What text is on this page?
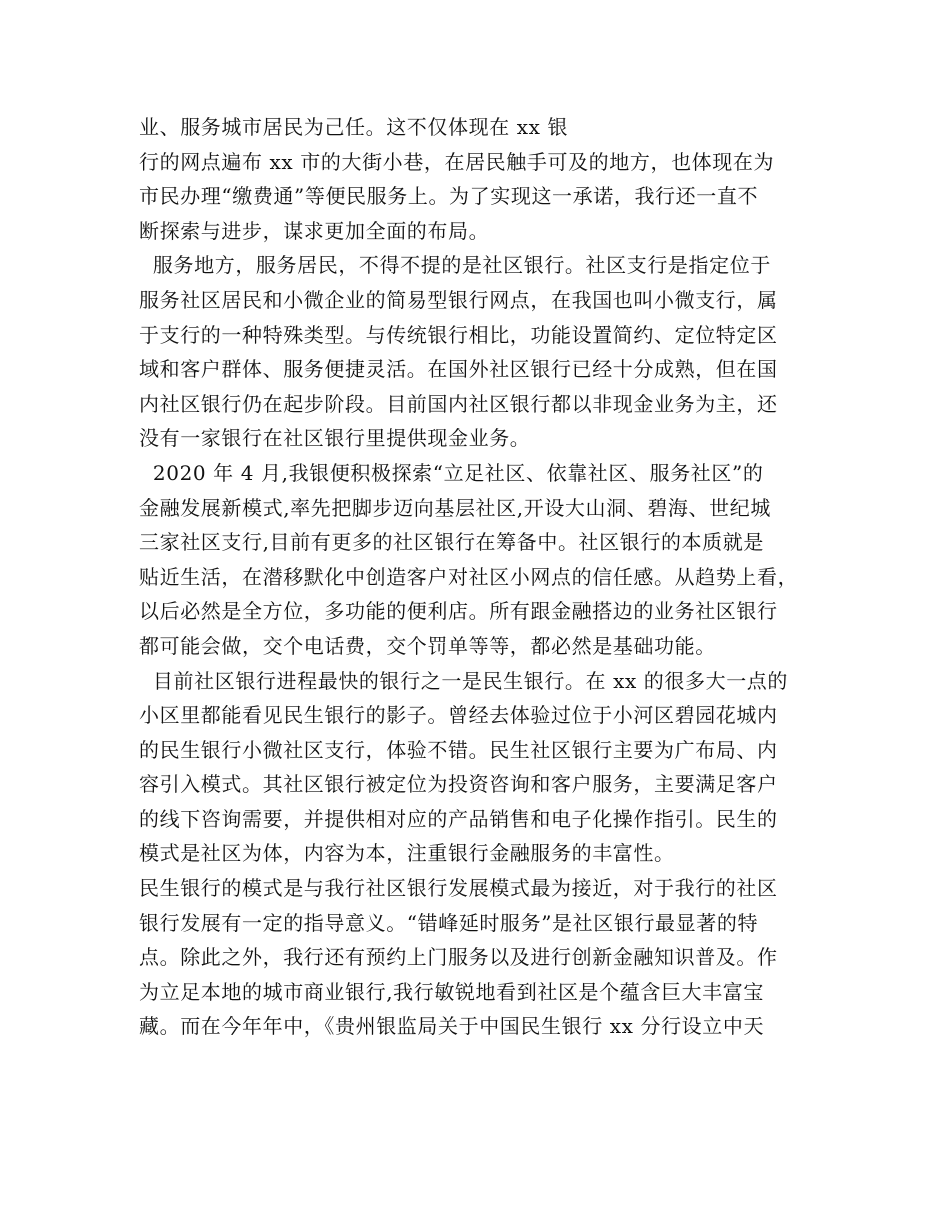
业、服务城市居民为己任。这不仅体现在 xx 银
行的网点遍布 xx 市的大街小巷，在居民触手可及的地方，也体现在为
市民办理“缴费通”等便民服务上。为了实现这一承诺，我行还一直不
断探索与进步，谋求更加全面的布局。
服务地方，服务居民，不得不提的是社区银行。社区支行是指定位于
服务社区居民和小微企业的简易型银行网点，在我国也叫小微支行，属
于支行的一种特殊类型。与传统银行相比，功能设置简约、定位特定区
域和客户群体、服务便捷灵活。在国外社区银行已经十分成熟，但在国
内社区银行仍在起步阶段。目前国内社区银行都以非现金业务为主，还
没有一家银行在社区银行里提供现金业务。
2020 年 4 月,我银便积极探索“立足社区、依靠社区、服务社区”的
金融发展新模式,率先把脚步迈向基层社区,开设大山洞、碧海、世纪城
三家社区支行,目前有更多的社区银行在筹备中。社区银行的本质就是
贴近生活，在潜移默化中创造客户对社区小网点的信任感。从趋势上看，
以后必然是全方位，多功能的便利店。所有跟金融搭边的业务社区银行
都可能会做，交个电话费，交个罚单等等，都必然是基础功能。
目前社区银行进程最快的银行之一是民生银行。在 xx 的很多大一点的
小区里都能看见民生银行的影子。曾经去体验过位于小河区碧园花城内
的民生银行小微社区支行，体验不错。民生社区银行主要为广布局、内
容引入模式。其社区银行被定位为投资咨询和客户服务，主要满足客户
的线下咨询需要，并提供相对应的产品销售和电子化操作指引。民生的
模式是社区为体，内容为本，注重银行金融服务的丰富性。
民生银行的模式是与我行社区银行发展模式最为接近，对于我行的社区
银行发展有一定的指导意义。“错峰延时服务”是社区银行最显著的特
点。除此之外，我行还有预约上门服务以及进行创新金融知识普及。作
为立足本地的城市商业银行,我行敏锐地看到社区是个蕴含巨大丰富宝
藏。而在今年年中，《贵州银监局关于中国民生银行 xx 分行设立中天
